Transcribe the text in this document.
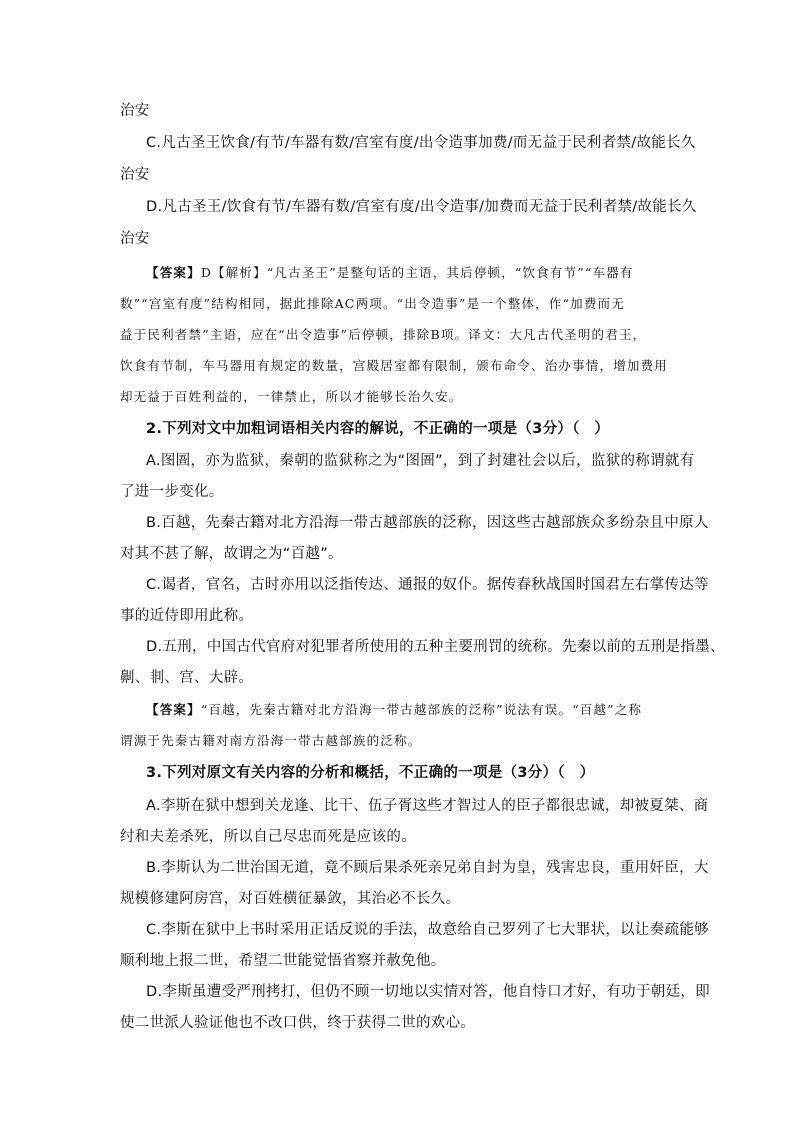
治安
C.凡古圣王饮食/有节/车器有数/宫室有度/出令造事加费/而无益于民利者禁/故能长久
治安
D.凡古圣王/饮食有节/车器有数/宫室有度/出令造事/加费而无益于民利者禁/故能长久
治安
【答案】D【解析】“凡古圣王”是整句话的主语，其后停顿，“饮食有节”“车器有
数”“宫室有度”结构相同，据此排除AC两项。“出令造事”是一个整体，作“加费而无
益于民利者禁”主语，应在“出令造事”后停顿，排除B项。译文：大凡古代圣明的君王，
饮食有节制，车马器用有规定的数量，宫殿居室都有限制，颁布命令、治办事情，增加费用
却无益于百姓利益的，一律禁止，所以才能够长治久安。
2.下列对文中加粗词语相关内容的解说，不正确的一项是（3分）（　）
A.图圄，亦为监狱，秦朝的监狱称之为“图圄”，到了封建社会以后，监狱的称谓就有
了进一步变化。
B.百越，先秦古籍对北方沿海一带古越部族的泛称，因这些古越部族众多纷杂且中原人
对其不甚了解，故谓之为“百越”。
C.谒者，官名，古时亦用以泛指传达、通报的奴仆。据传春秋战国时国君左右掌传达等
事的近侍即用此称。
D.五刑，中国古代官府对犯罪者所使用的五种主要刑罚的统称。先秦以前的五刑是指墨、
劓、剕、宫、大辟。
【答案】“百越，先秦古籍对北方沿海一带古越部族的泛称”说法有误。“百越”之称
谓源于先秦古籍对南方沿海一带古越部族的泛称。
3.下列对原文有关内容的分析和概括，不正确的一项是（3分）（　）
A.李斯在狱中想到关龙逢、比干、伍子胥这些才智过人的臣子都很忠诚，却被夏桀、商
纣和夫差杀死，所以自己尽忠而死是应该的。
B.李斯认为二世治国无道，竟不顾后果杀死亲兄弟自封为皇，残害忠良，重用奸臣，大
规模修建阿房宫，对百姓横征暴敛，其治必不长久。
C.李斯在狱中上书时采用正话反说的手法，故意给自己罗列了七大罪状，以让奏疏能够
顺利地上报二世，希望二世能觉悟省察并赦免他。
D.李斯虽遭受严刑拷打，但仍不顾一切地以实情对答，他自恃口才好，有功于朝廷，即
使二世派人验证他也不改口供，终于获得二世的欢心。
